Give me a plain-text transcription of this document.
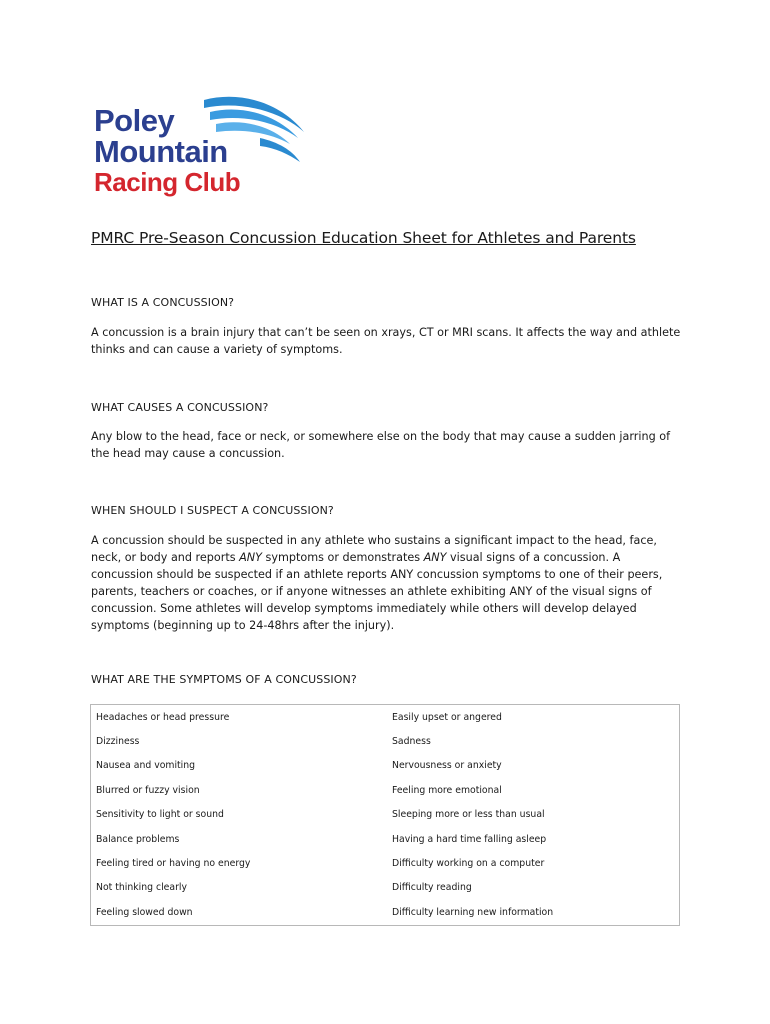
Poley
Mountain
Racing Club
PMRC Pre-Season Concussion Education Sheet for Athletes and Parents
WHAT IS A CONCUSSION?
A concussion is a brain injury that can’t be seen on xrays, CT or MRI scans. It affects the way and athlete thinks and can cause a variety of symptoms.
WHAT CAUSES A CONCUSSION?
Any blow to the head, face or neck, or somewhere else on the body that may cause a sudden jarring of the head may cause a concussion.
WHEN SHOULD I SUSPECT A CONCUSSION?
A concussion should be suspected in any athlete who sustains a significant impact to the head, face, neck, or body and reports ANY symptoms or demonstrates ANY visual signs of a concussion. A concussion should be suspected if an athlete reports ANY concussion symptoms to one of their peers, parents, teachers or coaches, or if anyone witnesses an athlete exhibiting ANY of the visual signs of concussion. Some athletes will develop symptoms immediately while others will develop delayed symptoms (beginning up to 24-48hrs after the injury).
WHAT ARE THE SYMPTOMS OF A CONCUSSION?
Headaches or head pressure	Easily upset or angered
Dizziness	Sadness
Nausea and vomiting	Nervousness or anxiety
Blurred or fuzzy vision	Feeling more emotional
Sensitivity to light or sound	Sleeping more or less than usual
Balance problems	Having a hard time falling asleep
Feeling tired or having no energy	Difficulty working on a computer
Not thinking clearly	Difficulty reading
Feeling slowed down	Difficulty learning new information
